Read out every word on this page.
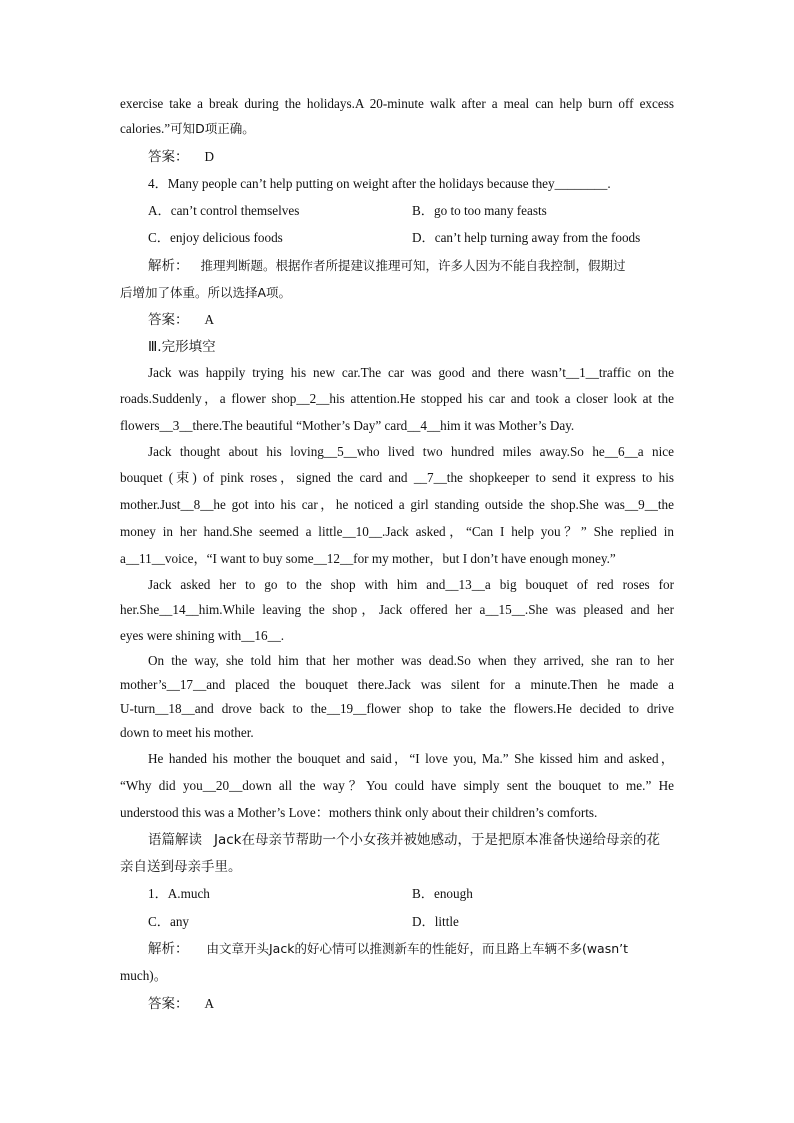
exercise take a break during the holidays.A 20-minute walk after a meal can help burn off excess
calories.”可知D项正确。
答案： D
4．Many people can’t help putting on weight after the holidays because they________.
A．can’t control themselves	B．go to too many feasts
C．enjoy delicious foods	D．can’t help turning away from the foods
解析： 推理判断题。根据作者所提建议推理可知，许多人因为不能自我控制，假期过
后增加了体重。所以选择A项。
答案： A
Ⅲ.完形填空
Jack was happily trying his new car.The car was good and there wasn’t__1__traffic on the
roads.Suddenly，a flower shop__2__his attention.He stopped his car and took a closer look at the
flowers__3__there.The beautiful “Mother’s Day” card__4__him it was Mother’s Day.
Jack thought about his loving__5__who lived two hundred miles away.So he__6__a nice
bouquet (束) of pink roses，signed the card and __7__the shopkeeper to send it express to his
mother.Just__8__he got into his car，he noticed a girl standing outside the shop.She was__9__the
money in her hand.She seemed a little__10__.Jack asked，“Can I help you？” She replied in
a__11__voice，“I want to buy some__12__for my mother，but I don’t have enough money.”
Jack asked her to go to the shop with him and__13__a big bouquet of red roses for
her.She__14__him.While leaving the shop，Jack offered her a__15__.She was pleased and her
eyes were shining with__16__.
On the way, she told him that her mother was dead.So when they arrived, she ran to her
mother’s__17__and placed the bouquet there.Jack was silent for a minute.Then he made a
U-turn__18__and drove back to the__19__flower shop to take the flowers.He decided to drive
down to meet his mother.
He handed his mother the bouquet and said，“I love you, Ma.” She kissed him and asked，
“Why did you__20__down all the way？You could have simply sent the bouquet to me.” He
understood this was a Mother’s Love：mothers think only about their children’s comforts.
语篇解读 Jack在母亲节帮助一个小女孩并被她感动，于是把原本准备快递给母亲的花
亲自送到母亲手里。
1．A.much	B．enough
C．any	D．little
解析： 由文章开头Jack的好心情可以推测新车的性能好，而且路上车辆不多(wasn’t
much)。
答案： A
